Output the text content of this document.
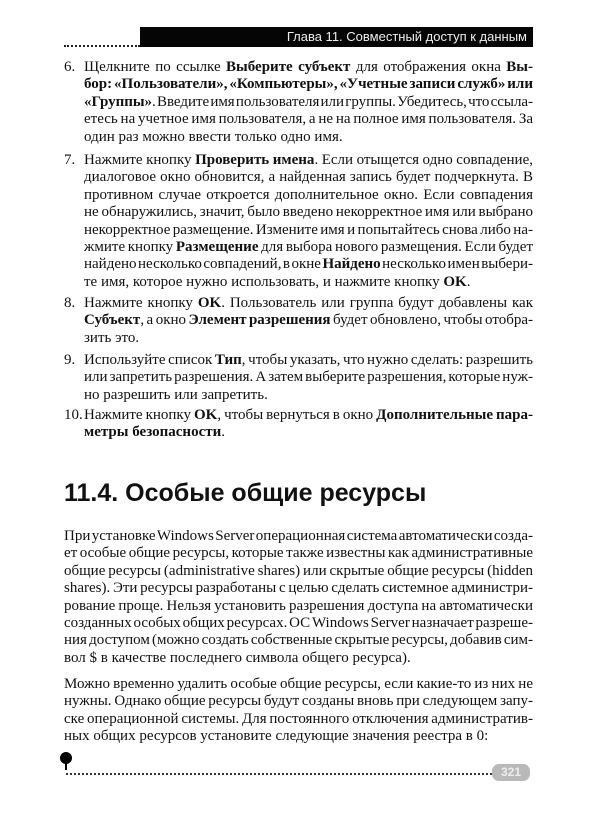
Глава 11. Совместный доступ к данным
6. Щелкните по ссылке Выберите субъект для отображения окна Вы-
бор: «Пользователи», «Компьютеры», «Учетные записи служб» или
«Группы». Введите имя пользователя или группы. Убедитесь, что ссыла-
етесь на учетное имя пользователя, а не на полное имя пользователя. За
один раз можно ввести только одно имя.
7. Нажмите кнопку Проверить имена. Если отыщется одно совпадение,
диалоговое окно обновится, а найденная запись будет подчеркнута. В
противном случае откроется дополнительное окно. Если совпадения
не обнаружились, значит, было введено некорректное имя или выбрано
некорректное размещение. Измените имя и попытайтесь снова либо на-
жмите кнопку Размещение для выбора нового размещения. Если будет
найдено несколько совпадений, в окне Найдено несколько имен выбери-
те имя, которое нужно использовать, и нажмите кнопку OK.
8. Нажмите кнопку OK. Пользователь или группа будут добавлены как
Субъект, а окно Элемент разрешения будет обновлено, чтобы отобра-
зить это.
9. Используйте список Тип, чтобы указать, что нужно сделать: разрешить
или запретить разрешения. А затем выберите разрешения, которые нуж-
но разрешить или запретить.
10. Нажмите кнопку OK, чтобы вернуться в окно Дополнительные пара-
метры безопасности.
11.4. Особые общие ресурсы
При установке Windows Server операционная система автоматически созда-
ет особые общие ресурсы, которые также известны как административные
общие ресурсы (administrative shares) или скрытые общие ресурсы (hidden
shares). Эти ресурсы разработаны с целью сделать системное администри-
рование проще. Нельзя установить разрешения доступа на автоматически
созданных особых общих ресурсах. ОС Windows Server назначает разреше-
ния доступом (можно создать собственные скрытые ресурсы, добавив сим-
вол $ в качестве последнего символа общего ресурса).
Можно временно удалить особые общие ресурсы, если какие-то из них не
нужны. Однако общие ресурсы будут созданы вновь при следующем запу-
ске операционной системы. Для постоянного отключения административ-
ных общих ресурсов установите следующие значения реестра в 0:
321
